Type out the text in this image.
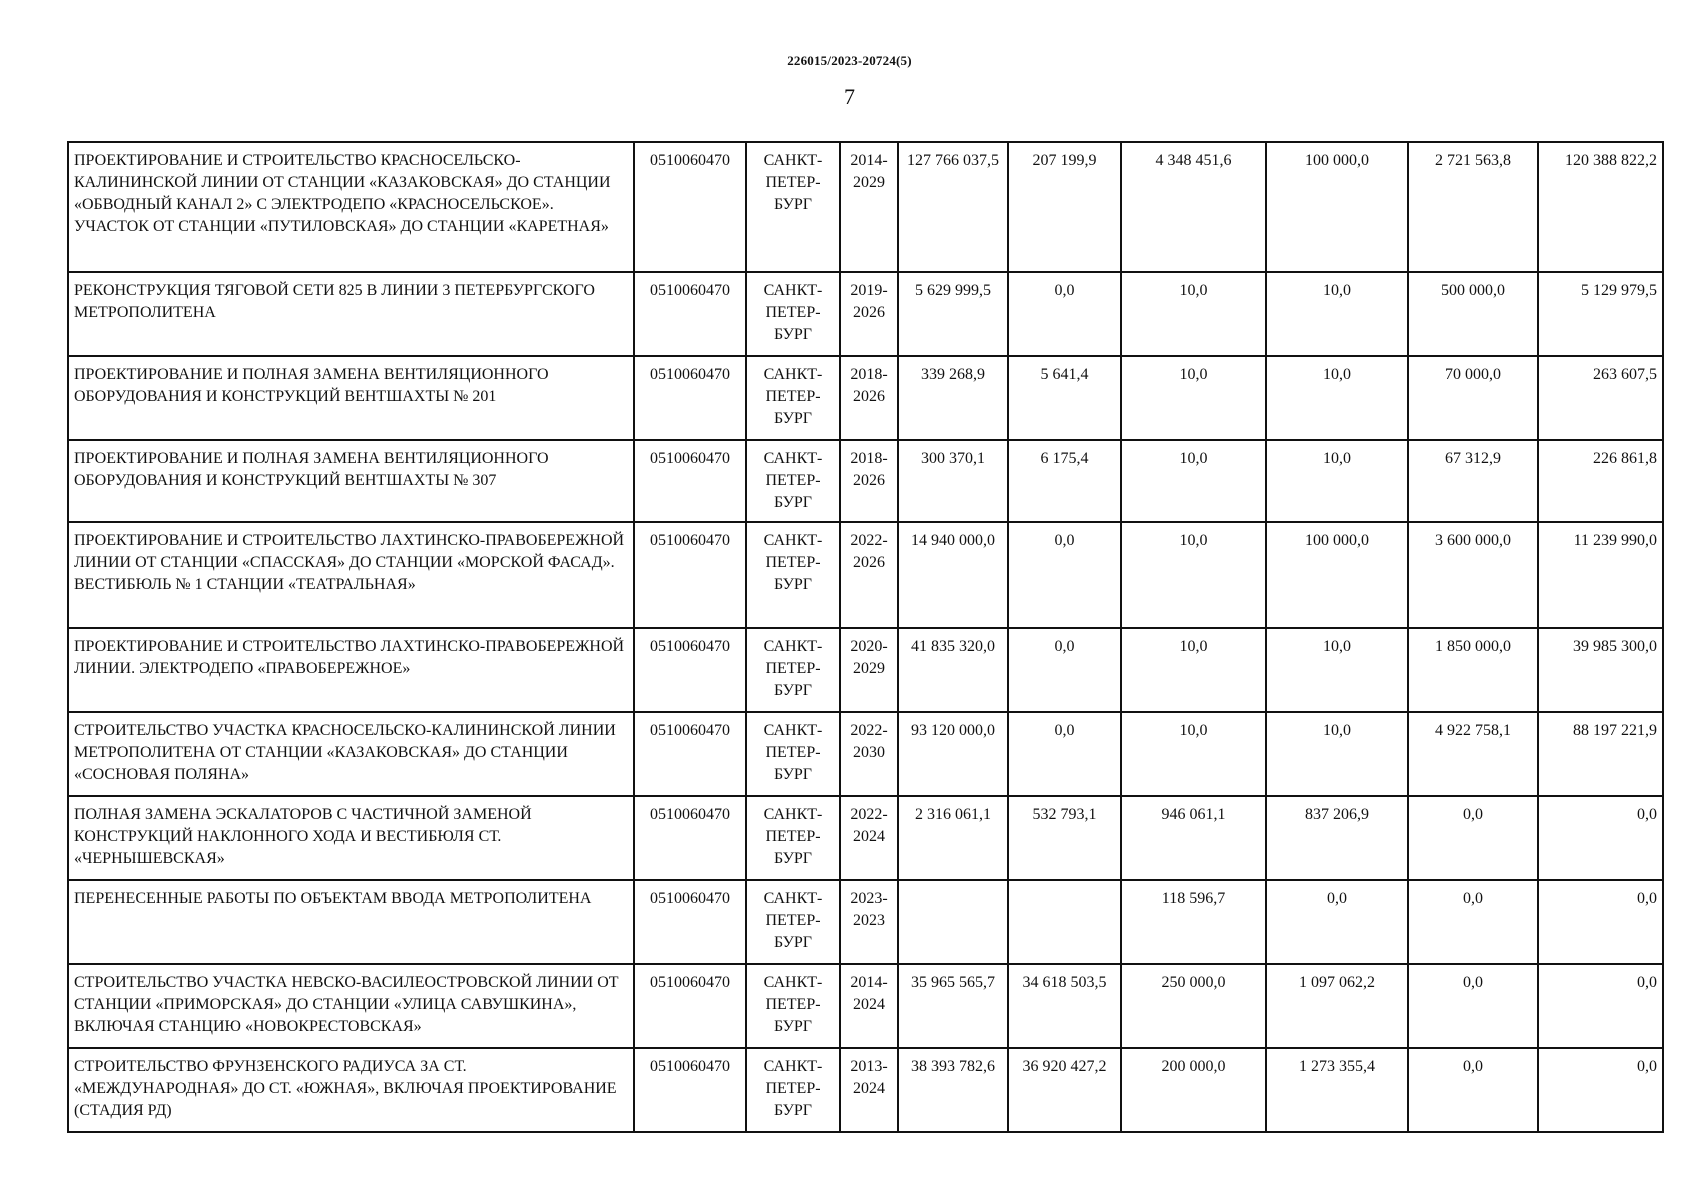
226015/2023-20724(5)
7
ПРОЕКТИРОВАНИЕ И СТРОИТЕЛЬСТВО КРАСНОСЕЛЬСКО-КАЛИНИНСКОЙ ЛИНИИ ОТ СТАНЦИИ «КАЗАКОВСКАЯ» ДО СТАНЦИИ «ОБВОДНЫЙ КАНАЛ 2» С ЭЛЕКТРОДЕПО «КРАСНОСЕЛЬСКОЕ». УЧАСТОК ОТ СТАНЦИИ «ПУТИЛОВСКАЯ» ДО СТАНЦИИ «КАРЕТНАЯ»	0510060470	САНКТ-ПЕТЕР-БУРГ	2014-2029	127 766 037,5	207 199,9	4 348 451,6	100 000,0	2 721 563,8	120 388 822,2
РЕКОНСТРУКЦИЯ ТЯГОВОЙ СЕТИ 825 В ЛИНИИ 3 ПЕТЕРБУРГСКОГО МЕТРОПОЛИТЕНА	0510060470	САНКТ-ПЕТЕР-БУРГ	2019-2026	5 629 999,5	0,0	10,0	10,0	500 000,0	5 129 979,5
ПРОЕКТИРОВАНИЕ И ПОЛНАЯ ЗАМЕНА ВЕНТИЛЯЦИОННОГО ОБОРУДОВАНИЯ И КОНСТРУКЦИЙ ВЕНТШАХТЫ № 201	0510060470	САНКТ-ПЕТЕР-БУРГ	2018-2026	339 268,9	5 641,4	10,0	10,0	70 000,0	263 607,5
ПРОЕКТИРОВАНИЕ И ПОЛНАЯ ЗАМЕНА ВЕНТИЛЯЦИОННОГО ОБОРУДОВАНИЯ И КОНСТРУКЦИЙ ВЕНТШАХТЫ № 307	0510060470	САНКТ-ПЕТЕР-БУРГ	2018-2026	300 370,1	6 175,4	10,0	10,0	67 312,9	226 861,8
ПРОЕКТИРОВАНИЕ И СТРОИТЕЛЬСТВО ЛАХТИНСКО-ПРАВОБЕРЕЖНОЙ ЛИНИИ ОТ СТАНЦИИ «СПАССКАЯ» ДО СТАНЦИИ «МОРСКОЙ ФАСАД». ВЕСТИБЮЛЬ № 1 СТАНЦИИ «ТЕАТРАЛЬНАЯ»	0510060470	САНКТ-ПЕТЕР-БУРГ	2022-2026	14 940 000,0	0,0	10,0	100 000,0	3 600 000,0	11 239 990,0
ПРОЕКТИРОВАНИЕ И СТРОИТЕЛЬСТВО ЛАХТИНСКО-ПРАВОБЕРЕЖНОЙ ЛИНИИ. ЭЛЕКТРОДЕПО «ПРАВОБЕРЕЖНОЕ»	0510060470	САНКТ-ПЕТЕР-БУРГ	2020-2029	41 835 320,0	0,0	10,0	10,0	1 850 000,0	39 985 300,0
СТРОИТЕЛЬСТВО УЧАСТКА КРАСНОСЕЛЬСКО-КАЛИНИНСКОЙ ЛИНИИ МЕТРОПОЛИТЕНА ОТ СТАНЦИИ «КАЗАКОВСКАЯ» ДО СТАНЦИИ «СОСНОВАЯ ПОЛЯНА»	0510060470	САНКТ-ПЕТЕР-БУРГ	2022-2030	93 120 000,0	0,0	10,0	10,0	4 922 758,1	88 197 221,9
ПОЛНАЯ ЗАМЕНА ЭСКАЛАТОРОВ С ЧАСТИЧНОЙ ЗАМЕНОЙ КОНСТРУКЦИЙ НАКЛОННОГО ХОДА И ВЕСТИБЮЛЯ СТ. «ЧЕРНЫШЕВСКАЯ»	0510060470	САНКТ-ПЕТЕР-БУРГ	2022-2024	2 316 061,1	532 793,1	946 061,1	837 206,9	0,0	0,0
ПЕРЕНЕСЕННЫЕ РАБОТЫ ПО ОБЪЕКТАМ ВВОДА МЕТРОПОЛИТЕНА	0510060470	САНКТ-ПЕТЕР-БУРГ	2023-2023			118 596,7	0,0	0,0	0,0
СТРОИТЕЛЬСТВО УЧАСТКА НЕВСКО-ВАСИЛЕОСТРОВСКОЙ ЛИНИИ ОТ СТАНЦИИ «ПРИМОРСКАЯ» ДО СТАНЦИИ «УЛИЦА САВУШКИНА», ВКЛЮЧАЯ СТАНЦИЮ «НОВОКРЕСТОВСКАЯ»	0510060470	САНКТ-ПЕТЕР-БУРГ	2014-2024	35 965 565,7	34 618 503,5	250 000,0	1 097 062,2	0,0	0,0
СТРОИТЕЛЬСТВО ФРУНЗЕНСКОГО РАДИУСА ЗА СТ. «МЕЖДУНАРОДНАЯ» ДО СТ. «ЮЖНАЯ», ВКЛЮЧАЯ ПРОЕКТИРОВАНИЕ (СТАДИЯ РД)	0510060470	САНКТ-ПЕТЕР-БУРГ	2013-2024	38 393 782,6	36 920 427,2	200 000,0	1 273 355,4	0,0	0,0
